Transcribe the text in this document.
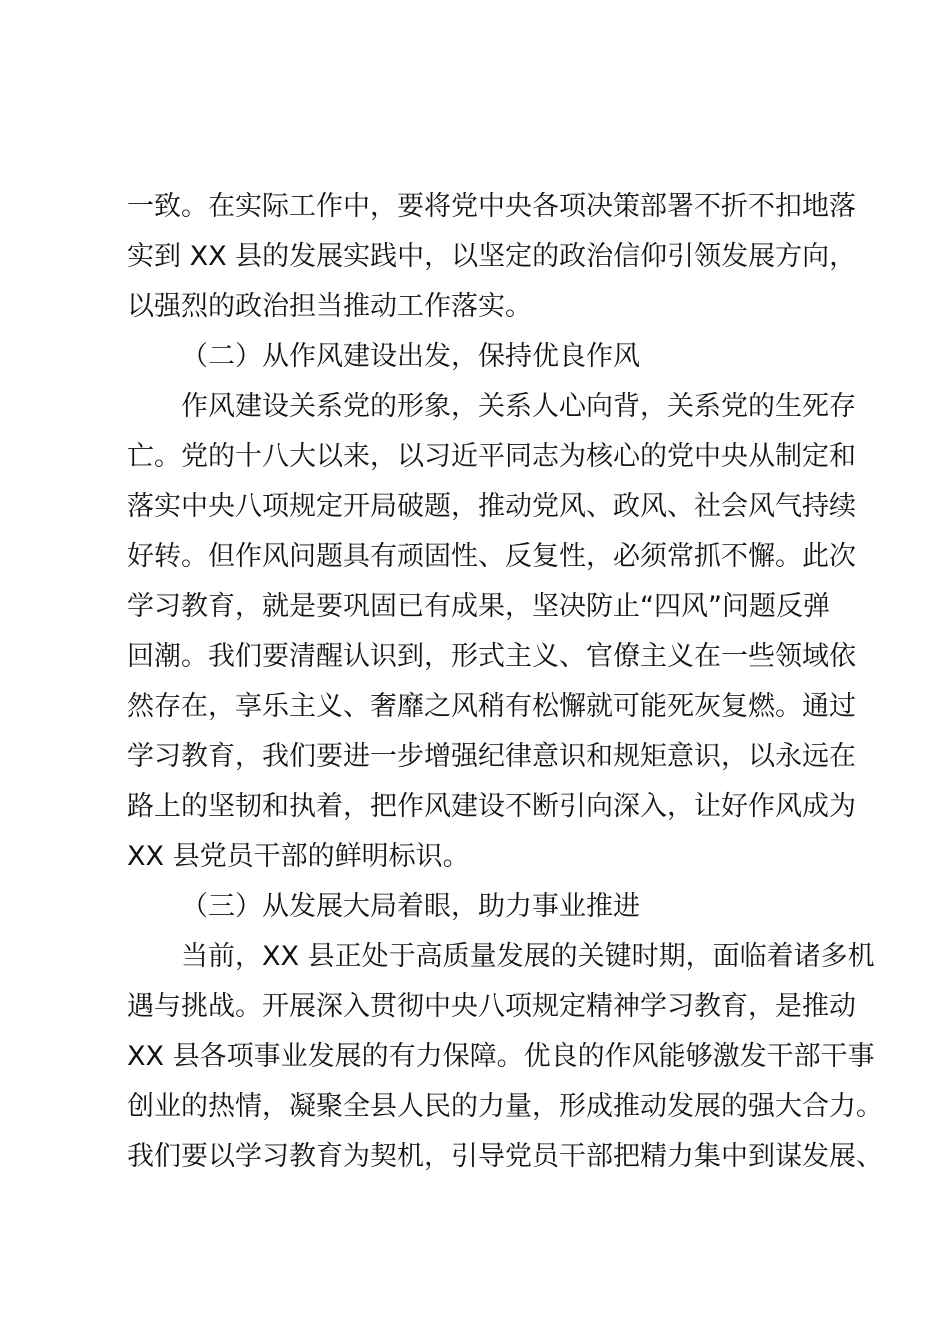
一致。在实际工作中，要将党中央各项决策部署不折不扣地落
实到 XX 县的发展实践中，以坚定的政治信仰引领发展方向，
以强烈的政治担当推动工作落实。
（二）从作风建设出发，保持优良作风
作风建设关系党的形象，关系人心向背，关系党的生死存
亡。党的十八大以来，以习近平同志为核心的党中央从制定和
落实中央八项规定开局破题，推动党风、政风、社会风气持续
好转。但作风问题具有顽固性、反复性，必须常抓不懈。此次
学习教育，就是要巩固已有成果，坚决防止“四风”问题反弹
回潮。我们要清醒认识到，形式主义、官僚主义在一些领域依
然存在，享乐主义、奢靡之风稍有松懈就可能死灰复燃。通过
学习教育，我们要进一步增强纪律意识和规矩意识，以永远在
路上的坚韧和执着，把作风建设不断引向深入，让好作风成为
XX 县党员干部的鲜明标识。
（三）从发展大局着眼，助力事业推进
当前，XX 县正处于高质量发展的关键时期，面临着诸多机
遇与挑战。开展深入贯彻中央八项规定精神学习教育，是推动
XX 县各项事业发展的有力保障。优良的作风能够激发干部干事
创业的热情，凝聚全县人民的力量，形成推动发展的强大合力。
我们要以学习教育为契机，引导党员干部把精力集中到谋发展、
